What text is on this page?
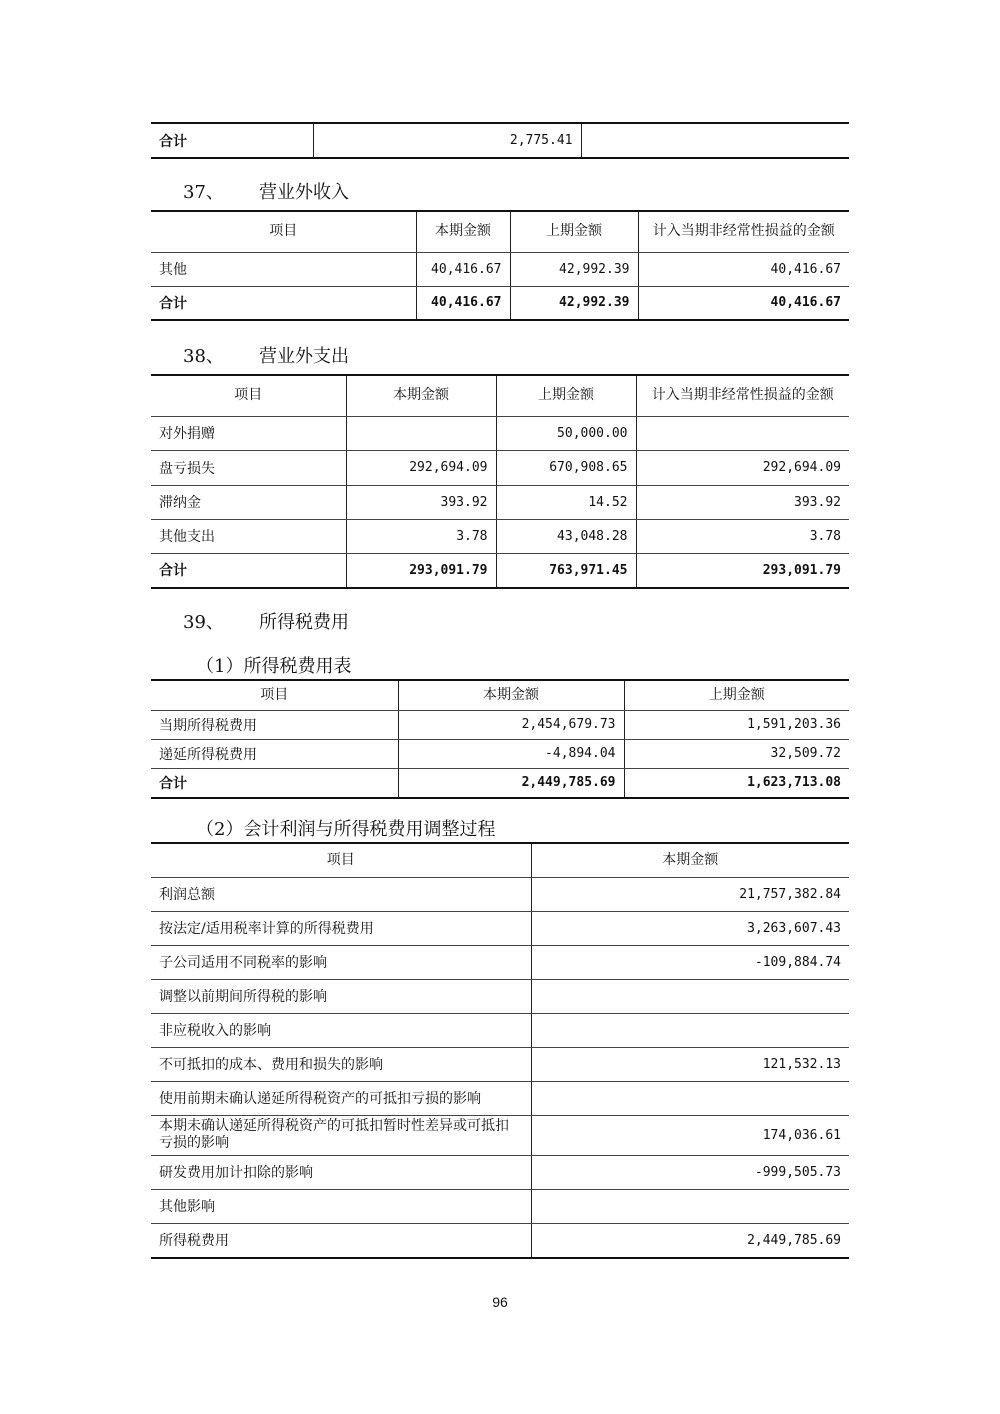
合计	2,775.41	
37、 营业外收入
项目	本期金额	上期金额	计入当期非经常性损益的金额
其他	40,416.67	42,992.39	40,416.67
合计	40,416.67	42,992.39	40,416.67
38、 营业外支出
项目	本期金额	上期金额	计入当期非经常性损益的金额
对外捐赠		50,000.00	
盘亏损失	292,694.09	670,908.65	292,694.09
滞纳金	393.92	14.52	393.92
其他支出	3.78	43,048.28	3.78
合计	293,091.79	763,971.45	293,091.79
39、 所得税费用
（1）所得税费用表
项目	本期金额	上期金额
当期所得税费用	2,454,679.73	1,591,203.36
递延所得税费用	-4,894.04	32,509.72
合计	2,449,785.69	1,623,713.08
（2）会计利润与所得税费用调整过程
项目	本期金额
利润总额	21,757,382.84
按法定/适用税率计算的所得税费用	3,263,607.43
子公司适用不同税率的影响	-109,884.74
调整以前期间所得税的影响	
非应税收入的影响	
不可抵扣的成本、费用和损失的影响	121,532.13
使用前期未确认递延所得税资产的可抵扣亏损的影响	
本期未确认递延所得税资产的可抵扣暂时性差异或可抵扣亏损的影响	174,036.61
研发费用加计扣除的影响	-999,505.73
其他影响	
所得税费用	2,449,785.69
96
